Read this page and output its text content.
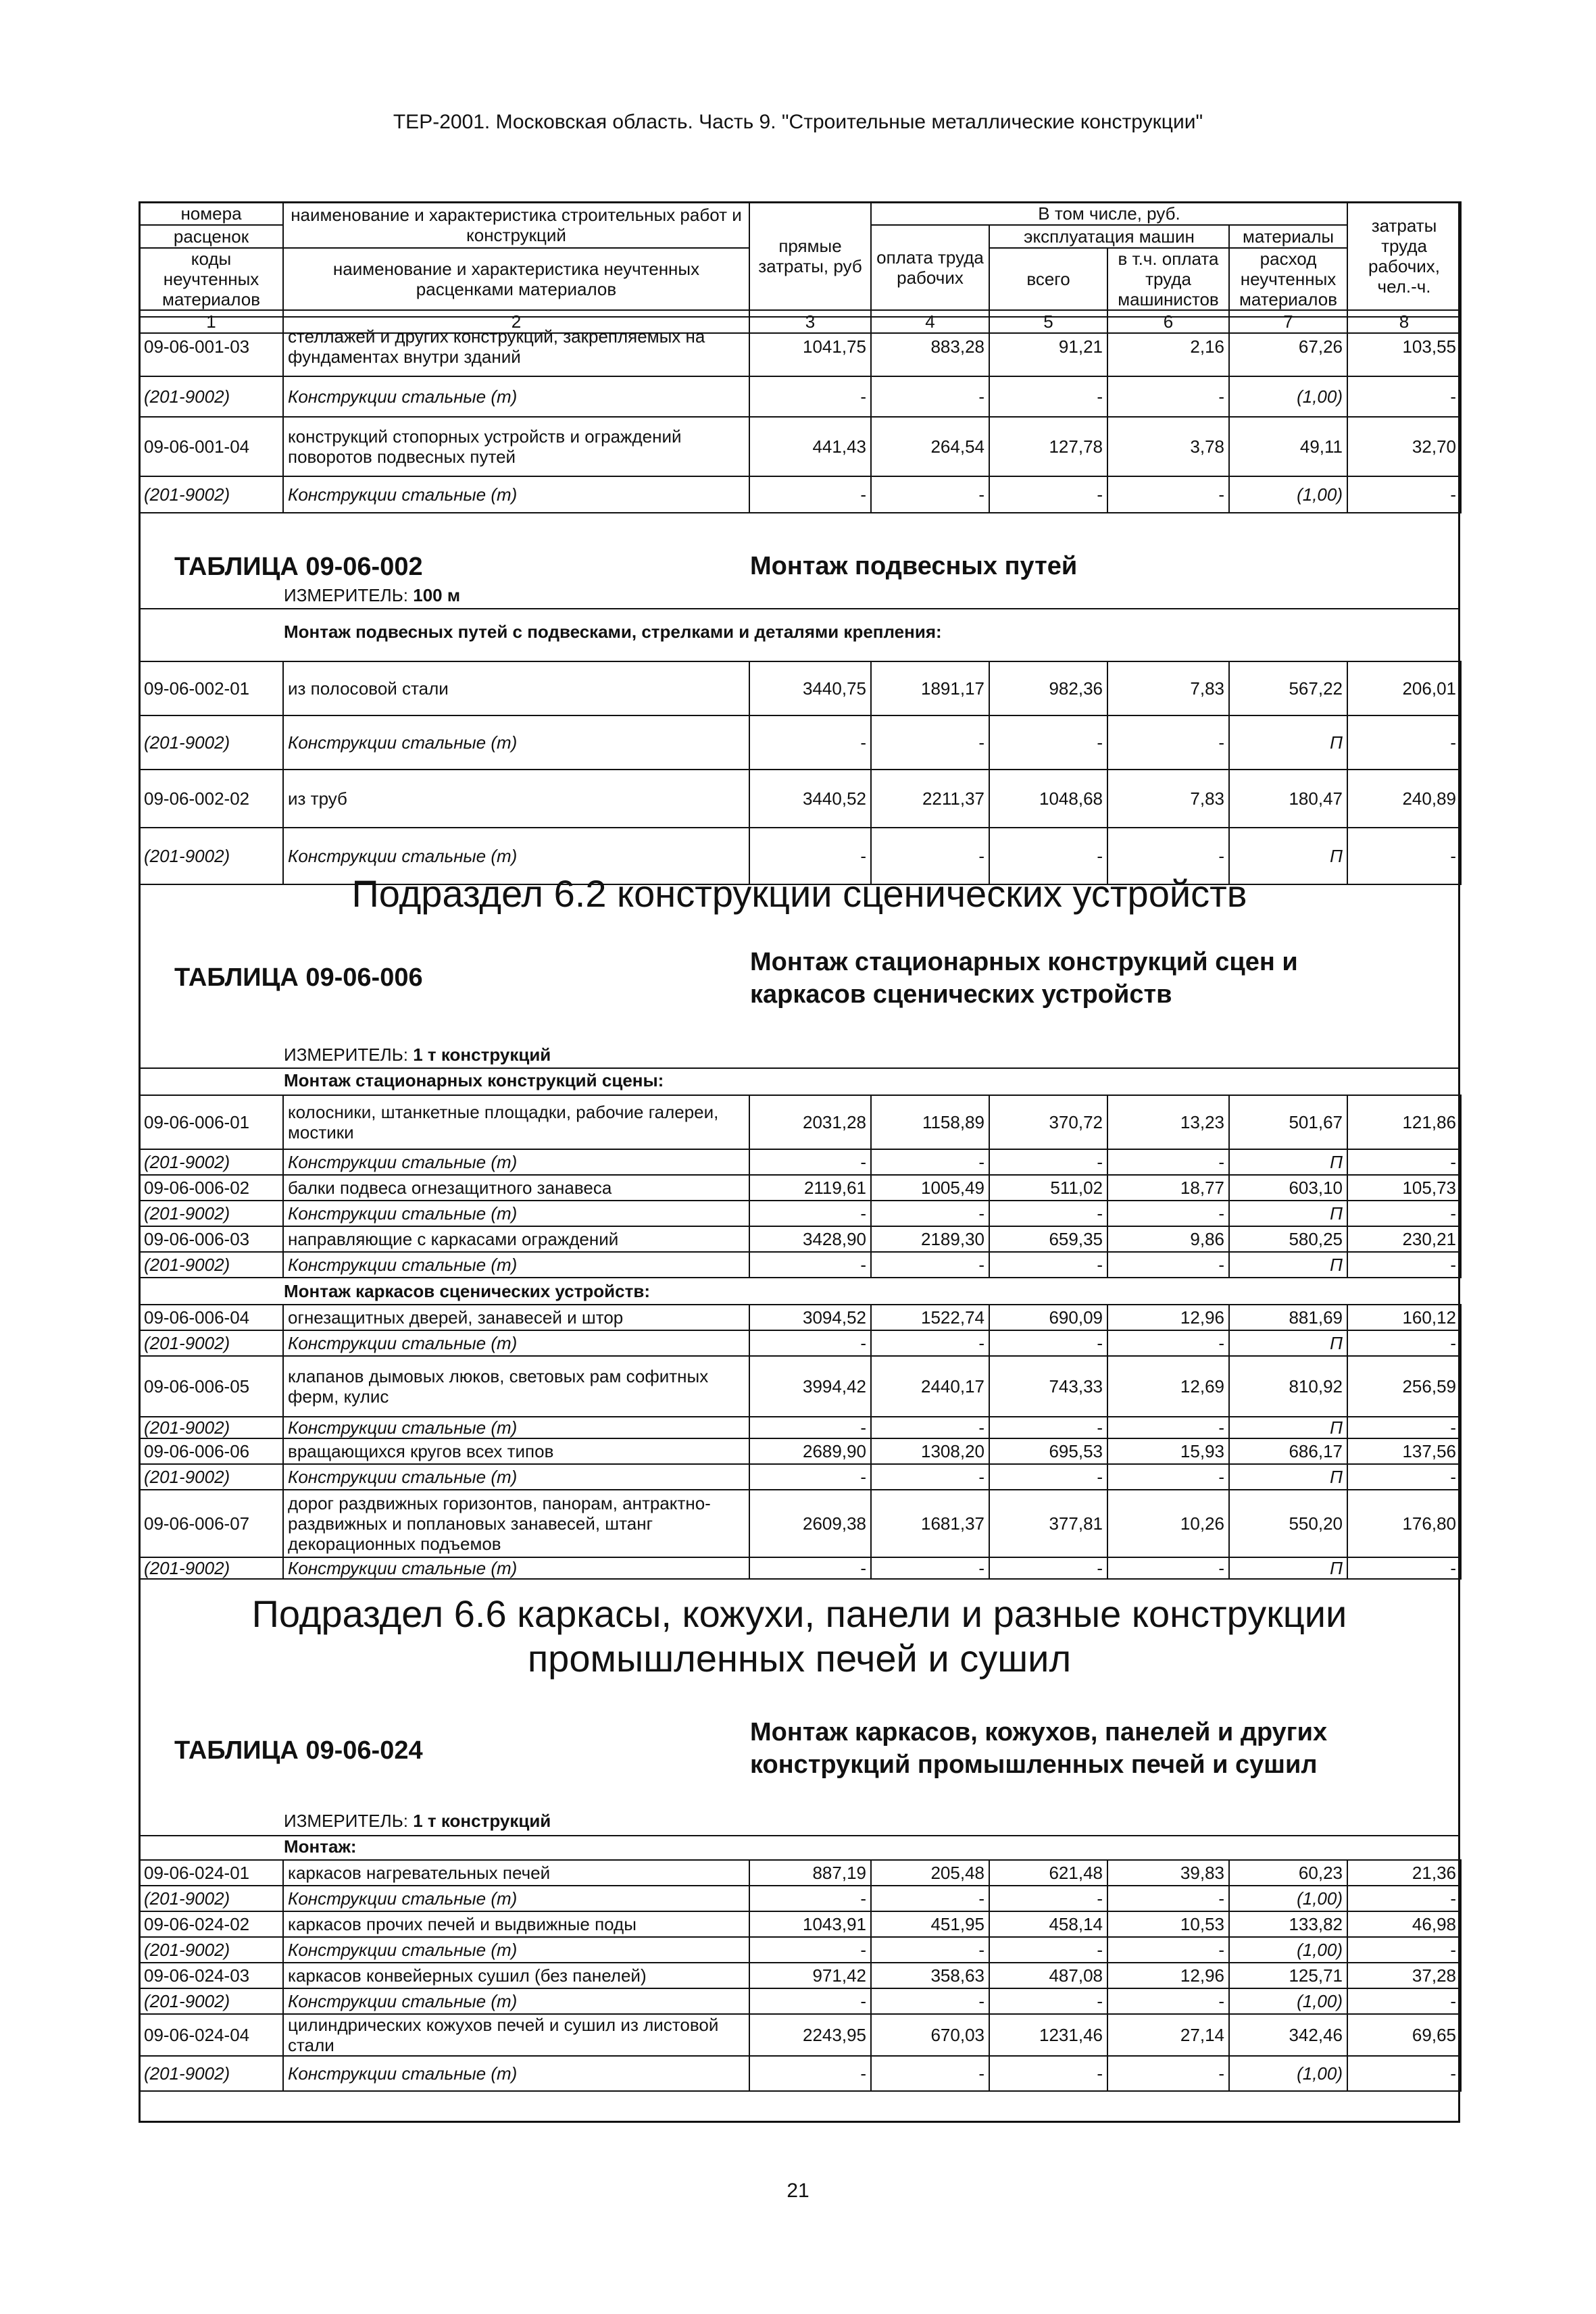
ТЕР-2001. Московская область. Часть 9. "Строительные металлические конструкции"
номера	наименование и характеристика строительных работ и конструкций	прямые затраты, руб	В том числе, руб.				затраты труда рабочих, чел.-ч.
расценок			оплата труда рабочих	эксплуатация машин		материалы	
коды неучтенных материалов	наименование и характеристика неучтенных расценками материалов			всего	в т.ч. оплата труда машинистов	расход неучтенных материалов	

1	2	3	4	5	6	7	8
09-06-001-03	стеллажей и других конструкций, закрепляемых на фундаментах внутри зданий	1041,75	883,28	91,21	2,16	67,26	103,55
(201-9002)	Конструкции стальные (т)	-	-	-	-	(1,00)	-
09-06-001-04	конструкций стопорных устройств и ограждений поворотов подвесных путей	441,43	264,54	127,78	3,78	49,11	32,70
(201-9002)	Конструкции стальные (т)	-	-	-	-	(1,00)	-
ТАБЛИЦА 09-06-002	Монтаж подвесных путей
ИЗМЕРИТЕЛЬ: 100 м
Монтаж подвесных путей с подвесками, стрелками и деталями крепления:
09-06-002-01	из полосовой стали	3440,75	1891,17	982,36	7,83	567,22	206,01
(201-9002)	Конструкции стальные (т)	-	-	-	-	П	-
09-06-002-02	из труб	3440,52	2211,37	1048,68	7,83	180,47	240,89
(201-9002)	Конструкции стальные (т)	-	-	-	-	П	-
Подраздел 6.2 конструкции сценических устройств
ТАБЛИЦА 09-06-006
Монтаж стационарных конструкций сцен и
каркасов сценических устройств
ИЗМЕРИТЕЛЬ: 1 т конструкций
Монтаж стационарных конструкций сцены:
09-06-006-01	колосники, штанкетные площадки, рабочие галереи, мостики	2031,28	1158,89	370,72	13,23	501,67	121,86
(201-9002)	Конструкции стальные (т)	-	-	-	-	П	-
09-06-006-02	балки подвеса огнезащитного занавеса	2119,61	1005,49	511,02	18,77	603,10	105,73
(201-9002)	Конструкции стальные (т)	-	-	-	-	П	-
09-06-006-03	направляющие с каркасами ограждений	3428,90	2189,30	659,35	9,86	580,25	230,21
(201-9002)	Конструкции стальные (т)	-	-	-	-	П	-
Монтаж каркасов сценических устройств:
09-06-006-04	огнезащитных дверей, занавесей и штор	3094,52	1522,74	690,09	12,96	881,69	160,12
(201-9002)	Конструкции стальные (т)	-	-	-	-	П	-
09-06-006-05	клапанов дымовых люков, световых рам софитных ферм, кулис	3994,42	2440,17	743,33	12,69	810,92	256,59
(201-9002)	Конструкции стальные (т)	-	-	-	-	П	-
09-06-006-06	вращающихся кругов всех типов	2689,90	1308,20	695,53	15,93	686,17	137,56
(201-9002)	Конструкции стальные (т)	-	-	-	-	П	-
09-06-006-07	дорог раздвижных горизонтов, панорам, антрактно-раздвижных и поплановых занавесей, штанг декорационных подъемов	2609,38	1681,37	377,81	10,26	550,20	176,80
(201-9002)	Конструкции стальные (т)	-	-	-	-	П	-
Подраздел 6.6 каркасы, кожухи, панели и разные конструкции
промышленных печей и сушил
ТАБЛИЦА 09-06-024
Монтаж каркасов, кожухов, панелей и других
конструкций промышленных печей и сушил
ИЗМЕРИТЕЛЬ: 1 т конструкций
Монтаж:
09-06-024-01	каркасов нагревательных печей	887,19	205,48	621,48	39,83	60,23	21,36
(201-9002)	Конструкции стальные (т)	-	-	-	-	(1,00)	-
09-06-024-02	каркасов прочих печей и выдвижные поды	1043,91	451,95	458,14	10,53	133,82	46,98
(201-9002)	Конструкции стальные (т)	-	-	-	-	(1,00)	-
09-06-024-03	каркасов конвейерных сушил (без панелей)	971,42	358,63	487,08	12,96	125,71	37,28
(201-9002)	Конструкции стальные (т)	-	-	-	-	(1,00)	-
09-06-024-04	цилиндрических кожухов печей и сушил из листовой стали	2243,95	670,03	1231,46	27,14	342,46	69,65
(201-9002)	Конструкции стальные (т)	-	-	-	-	(1,00)	-
21
